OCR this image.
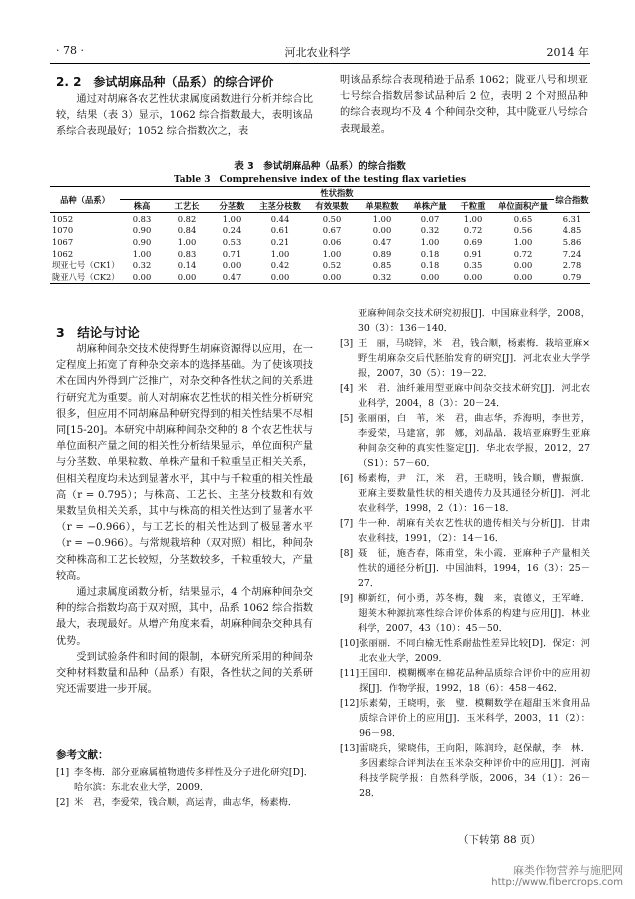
· 78 ·	河北农业科学	2014 年
2. 2　参试胡麻品种（品系）的综合评价

通过对胡麻各农艺性状隶属度函数进行分析并综合比较，结果（表 3）显示，1062 综合指数最大，表明该品系综合表现最好；1052 综合指数次之，表

明该品系综合表现稍逊于品系 1062；陇亚八号和坝亚七号综合指数居参试品种后 2 位，表明 2 个对照品种的综合表现均不及 4 个种间杂交种，其中陇亚八号综合表现最差。

表 3　参试胡麻品种（品系）的综合指数
Table 3　Comprehensive index of the testing flax varieties
品种（品系）	性状指数									综合指数
	株高	工艺长	分茎数	主茎分枝数	有效果数	单果粒数	单株产量	千粒重	单位面积产量	
1052	0.83	0.82	1.00	0.44	0.50	1.00	0.07	1.00	0.65	6.31
1070	0.90	0.84	0.24	0.61	0.67	0.00	0.32	0.72	0.56	4.85
1067	0.90	1.00	0.53	0.21	0.06	0.47	1.00	0.69	1.00	5.86
1062	1.00	0.83	0.71	1.00	1.00	0.89	0.18	0.91	0.72	7.24
坝亚七号（CK1）	0.32	0.14	0.00	0.42	0.52	0.85	0.18	0.35	0.00	2.78
陇亚八号（CK2）	0.00	0.00	0.47	0.00	0.00	0.32	0.00	0.00	0.00	0.79
3　结论与讨论

胡麻种间杂交技术使得野生胡麻资源得以应用，在一定程度上拓宽了育种杂交亲本的选择基础。为了使该项技术在国内外得到广泛推广，对杂交种各性状之间的关系进行研究尤为重要。前人对胡麻农艺性状的相关性分析研究很多，但应用不同胡麻品种研究得到的相关性结果不尽相同[15-20]。本研究中胡麻种间杂交种的 8 个农艺性状与单位面积产量之间的相关性分析结果显示，单位面积产量与分茎数、单果粒数、单株产量和千粒重呈正相关关系，但相关程度均未达到显著水平，其中与千粒重的相关性最高（r = 0.795）；与株高、工艺长、主茎分枝数和有效果数呈负相关关系，其中与株高的相关性达到了显著水平（r = −0.966），与工艺长的相关性达到了极显著水平（r = −0.966）。与常规栽培种（双对照）相比，种间杂交种株高和工艺长较短，分茎数较多，千粒重较大，产量较高。

通过隶属度函数分析，结果显示，4 个胡麻种间杂交种的综合指数均高于双对照，其中，品系 1062 综合指数最大，表现最好。从增产角度来看，胡麻种间杂交种具有优势。

受到试验条件和时间的限制，本研究所采用的种间杂交种材料数量和品种（品系）有限，各性状之间的关系研究还需要进一步开展。

参考文献：
[1] 李冬梅．部分亚麻属植物遗传多样性及分子进化研究[D]．哈尔滨：东北农业大学，2009．
[2] 米　君，李爱荣，钱合顺，高运青，曲志华，杨素梅．
亚麻种间杂交技术研究初报[J]．中国麻业科学，2008，30（3）：136－140．
[3] 王　丽，马晓锌，米　君，钱合顺，杨素梅．栽培亚麻×野生胡麻杂交后代胚胎发育的研究[J]．河北农业大学学报，2007，30（5）：19－22．
[4] 米　君．油纤兼用型亚麻中间杂交技术研究[J]．河北农业科学，2004，8（3）：20－24．
[5] 张丽丽，白　苇，米　君，曲志华，乔海明，李世芳，李爱荣，马建富，郭　娜，刘晶晶．栽培亚麻野生亚麻种间杂交种的真实性鉴定[J]．华北农学报，2012，27（S1）：57－60．
[6] 杨素梅，尹　江，米　君，王晓明，钱合顺，曹振旗．亚麻主要数量性状的相关遗传力及其通径分析[J]．河北农业科学，1998，2（1）：16－18．
[7] 牛一种．胡麻有关农艺性状的遗传相关与分析[J]．甘肃农业科技，1991，（2）：14－16．
[8] 聂　征，施杏春，陈甫堂，朱小霞．亚麻种子产量相关性状的通径分析[J]．中国油料，1994，16（3）：25－27．
[9] 柳新红，何小勇，苏冬梅，魏　来，袁德义，王军峰．翅荚木种源抗寒性综合评价体系的构建与应用[J]．林业科学，2007，43（10）：45－50．
[10] 张丽丽．不同白榆无性系耐盐性差异比较[D]．保定：河北农业大学，2009．
[11] 王国印．模糊概率在棉花品种品质综合评价中的应用初探[J]．作物学报，1992，18（6）：458－462．
[12] 乐素菊，王晓明，张　璧．模糊数学在超甜玉米食用品质综合评价上的应用[J]．玉米科学，2003，11（2）：96－98．
[13] 雷晓兵，梁晓伟，王向阳，陈润玲，赵保献，李　林．多因素综合评判法在玉米杂交种评价中的应用[J]．河南科技学院学报：自然科学版，2006，34（1）：26－28．
（下转第 88 页）
麻类作物营养与施肥网
http://www.fibercrops.com
